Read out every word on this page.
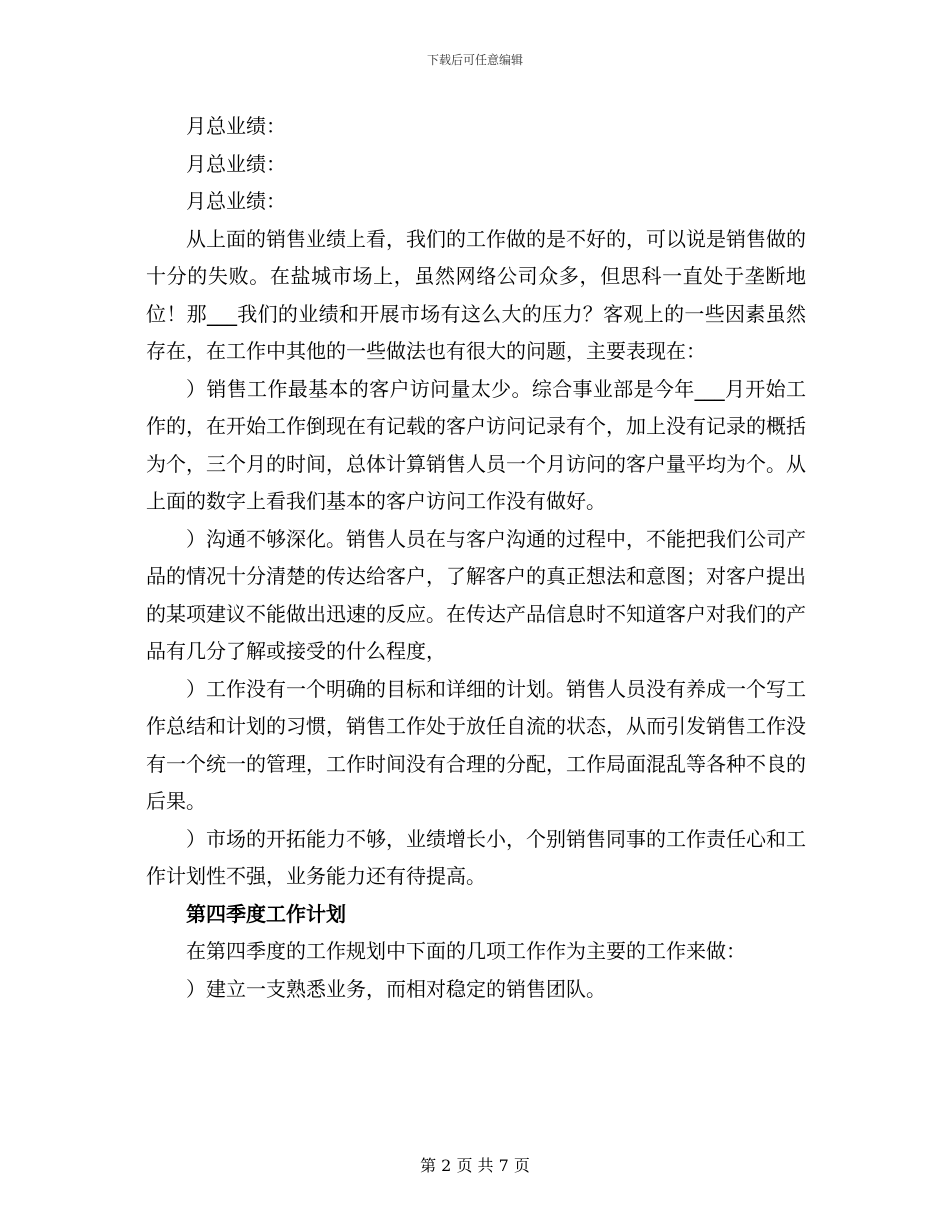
下载后可任意编辑

月总业绩：

月总业绩：

月总业绩：

从上面的销售业绩上看，我们的工作做的是不好的，可以说是销售做的十分的失败。在盐城市场上，虽然网络公司众多，但思科一直处于垄断地位！那___我们的业绩和开展市场有这么大的压力？客观上的一些因素虽然存在，在工作中其他的一些做法也有很大的问题，主要表现在：

）销售工作最基本的客户访问量太少。综合事业部是今年___月开始工作的，在开始工作倒现在有记载的客户访问记录有个，加上没有记录的概括为个，三个月的时间，总体计算销售人员一个月访问的客户量平均为个。从上面的数字上看我们基本的客户访问工作没有做好。

）沟通不够深化。销售人员在与客户沟通的过程中，不能把我们公司产品的情况十分清楚的传达给客户，了解客户的真正想法和意图；对客户提出的某项建议不能做出迅速的反应。在传达产品信息时不知道客户对我们的产品有几分了解或接受的什么程度，

）工作没有一个明确的目标和详细的计划。销售人员没有养成一个写工作总结和计划的习惯，销售工作处于放任自流的状态，从而引发销售工作没有一个统一的管理，工作时间没有合理的分配，工作局面混乱等各种不良的后果。

）市场的开拓能力不够，业绩增长小，个别销售同事的工作责任心和工作计划性不强，业务能力还有待提高。

第四季度工作计划

在第四季度的工作规划中下面的几项工作作为主要的工作来做：

）建立一支熟悉业务，而相对稳定的销售团队。

第 2 页 共 7 页
